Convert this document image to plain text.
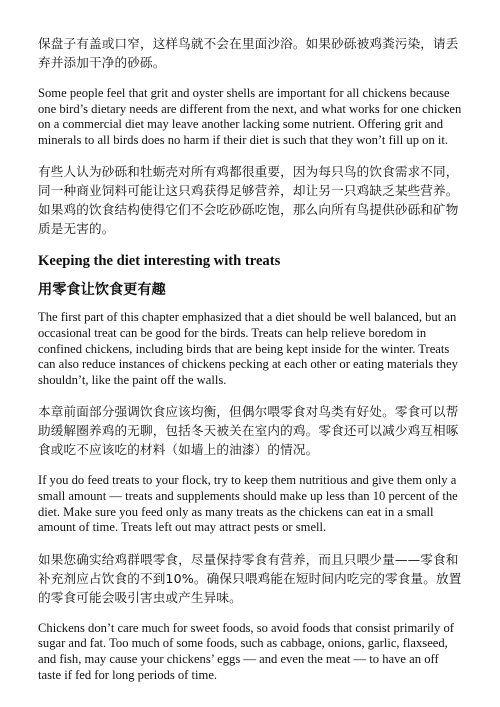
保盘子有盖或口窄，这样鸟就不会在里面沙浴。如果砂砾被鸡粪污染，请丢弃并添加干净的砂砾。

Some people feel that grit and oyster shells are important for all chickens because one bird’s dietary needs are different from the next, and what works for one chicken on a commercial diet may leave another lacking some nutrient. Offering grit and minerals to all birds does no harm if their diet is such that they won’t fill up on it.

有些人认为砂砾和牡蛎壳对所有鸡都很重要，因为每只鸟的饮食需求不同，同一种商业饲料可能让这只鸡获得足够营养，却让另一只鸡缺乏某些营养。如果鸡的饮食结构使得它们不会吃砂砾吃饱，那么向所有鸟提供砂砾和矿物质是无害的。

Keeping the diet interesting with treats
用零食让饮食更有趣

The first part of this chapter emphasized that a diet should be well balanced, but an occasional treat can be good for the birds. Treats can help relieve boredom in confined chickens, including birds that are being kept inside for the winter. Treats can also reduce instances of chickens pecking at each other or eating materials they shouldn’t, like the paint off the walls.

本章前面部分强调饮食应该均衡，但偶尔喂零食对鸟类有好处。零食可以帮助缓解圈养鸡的无聊，包括冬天被关在室内的鸡。零食还可以减少鸡互相啄食或吃不应该吃的材料（如墙上的油漆）的情况。

If you do feed treats to your flock, try to keep them nutritious and give them only a small amount — treats and supplements should make up less than 10 percent of the diet. Make sure you feed only as many treats as the chickens can eat in a small amount of time. Treats left out may attract pests or smell.

如果您确实给鸡群喂零食，尽量保持零食有营养，而且只喂少量——零食和补充剂应占饮食的不到10%。确保只喂鸡能在短时间内吃完的零食量。放置的零食可能会吸引害虫或产生异味。

Chickens don’t care much for sweet foods, so avoid foods that consist primarily of sugar and fat. Too much of some foods, such as cabbage, onions, garlic, flaxseed, and fish, may cause your chickens’ eggs — and even the meat — to have an off taste if fed for long periods of time.
